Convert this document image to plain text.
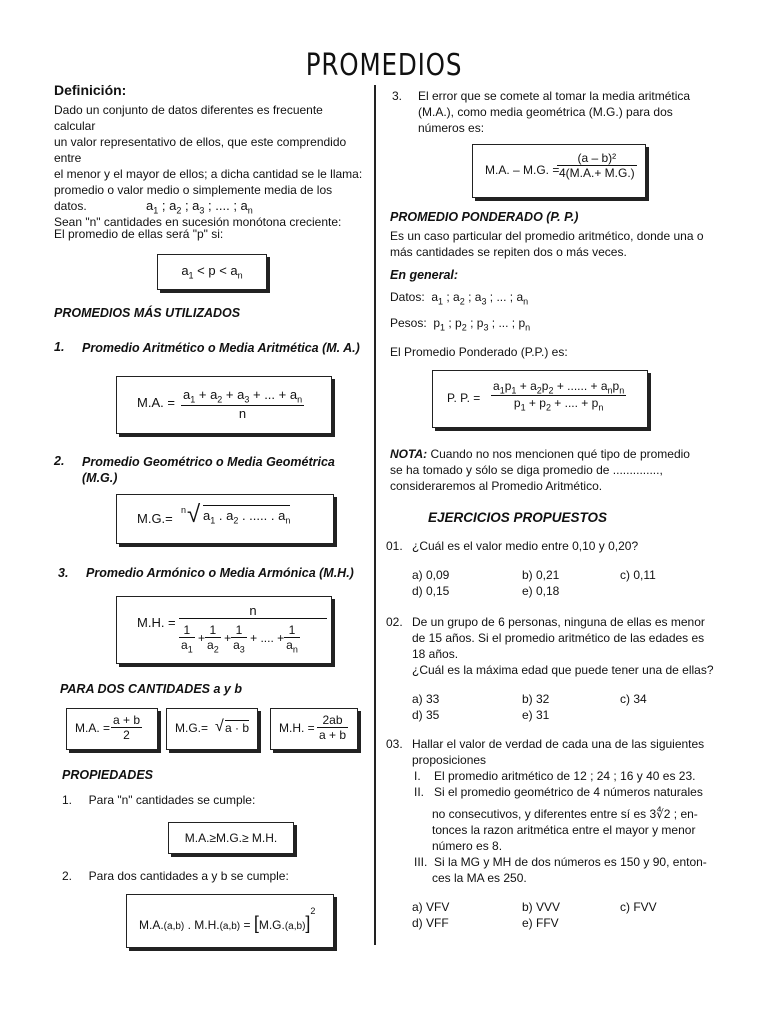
PROMEDIOS
Definición:
Dado un conjunto de datos diferentes es frecuente calcular
un valor representativo de ellos, que este comprendido entre
el menor y el mayor de ellos; a dicha cantidad se le llama:
promedio o valor medio o simplemente media de los datos.
Sean "n" cantidades en sucesión monótona creciente:
$a_1$ ; $a_2$ ; $a_3$ ; .... ; $a_n$
El promedio de ellas será "p" si:
$a_1 < p < a_n$
PROMEDIOS MÁS UTILIZADOS
1. Promedio Aritmético o Media Aritmética (M. A.)
M.A. = $\frac{a_1 + a_2 + a_3 + ... + a_n}{n}$
2. Promedio Geométrico o Media Geométrica (M.G.)
M.G.=
n √ $a_1$ . $a_2$ . ..... . $a_n$
3. Promedio Armónico o Media Armónica (M.H.)
M.H. =
n
$\frac{1}{a_1} + \frac{1}{a_2} + \frac{1}{a_3}$ + .... + $\frac{1}{a_n}$
PARA DOS CANTIDADES a y b
M.A. = $\frac{a + b}{2}$	M.G.= √ a · b M.H. = $\frac{2ab}{a + b}$
PROPIEDADES
1.     Para "n" cantidades se cumple:
M.A.≥M.G.≥ M.H.
2.     Para dos cantidades a y b se cumple:
M.A.(a,b) . $M.H.(a,b) = [M.G.(a,b)]^2$
3. El error que se comete al tomar la media aritmética
(M.A.), como media geométrica (M.G.) para dos
números es:
M.A. – M.G. =
$\frac{\text{(a – b)²}}{4(M.A.+ M.G.)}$
PROMEDIO PONDERADO (P. P.)
Es un caso particular del promedio aritmético, donde una o
más cantidades se repiten dos o más veces.
En general:
Datos:  $a_1$ ; $a_2$ ; $a_3$ ; ... ; $a_n$
Pesos:  $p_1$ ; $p_2$ ; $p_3$ ; ... ; $p_n$
El Promedio Ponderado (P.P.) es:
P. P. =
$a_1p_1 + a_2p_2$ + ...... + $a_np_n$
$p_1 + p_2$ + .... + $p_n$
NOTA: Cuando no nos mencionen qué tipo de promedio
se ha tomado y sólo se diga promedio de ..............,
consideraremos al Promedio Aritmético.
EJERCICIOS PROPUESTOS
01. ¿Cuál es el valor medio entre 0,10 y 0,20?
a) 0,09	b) 0,21	c) 0,11
d) 0,15	e) 0,18
02. De un grupo de 6 personas, ninguna de ellas es menor
de 15 años. Si el promedio aritmético de las edades es
18 años.
¿Cuál es la máxima edad que puede tener una de ellas?
a) 33	b) 32	c) 34
d) 35	e) 31
03. Hallar el valor de verdad de cada una de las siguientes
proposiciones
I.    El promedio aritmético de 12 ; 24 ; 16 y 40 es 23.
II.   Si el promedio geométrico de 4 números naturales
no consecutivos, y diferentes entre sí es 3∜2 ; en-
tonces la razon aritmética entre el mayor y menor
número es 8.
III.  Si la MG y MH de dos números es 150 y 90, enton-
ces la MA es 250.
a) VFV	b) VVV	c) FVV
d) VFF	e) FFV
